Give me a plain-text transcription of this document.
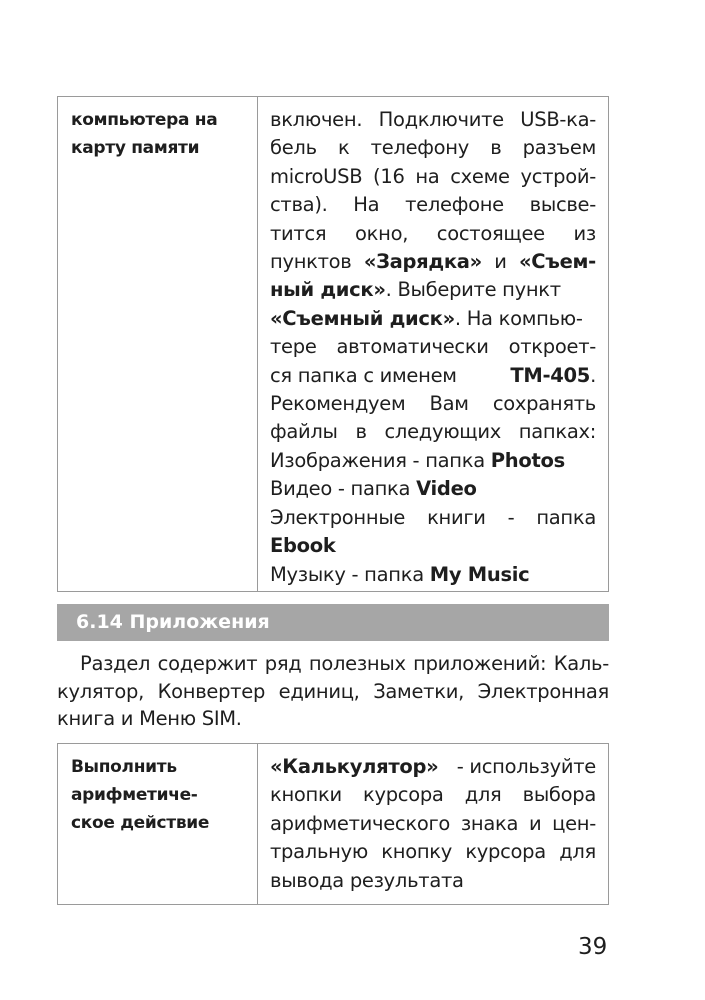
компьютера на
карту памяти
включен. Подключите USB-ка-
бель к телефону в разъем
microUSB (16 на схеме устрой-
ства). На телефоне высве-
тится окно, состоящее из
пунктов «Зарядка» и «Съем-
ный диск». Выберите пункт
«Съемный диск». На компью-
тере автоматически откроет-
ся папка с именем	ТМ-405.
Рекомендуем Вам сохранять
файлы в следующих папках:
Изображения - папка Photos
Видео - папка Video
Электронные книги - папка
Ebook
Музыку - папка My Music
6.14 Приложения
Раздел содержит ряд полезных приложений: Каль-
кулятор, Конвертер единиц, Заметки, Электронная
книга и Меню SIM.
Выполнить
арифметиче-
ское действие
«Калькулятор» - используйте
кнопки курсора для выбора
арифметического знака и цен-
тральную кнопку курсора для
вывода результата
39
